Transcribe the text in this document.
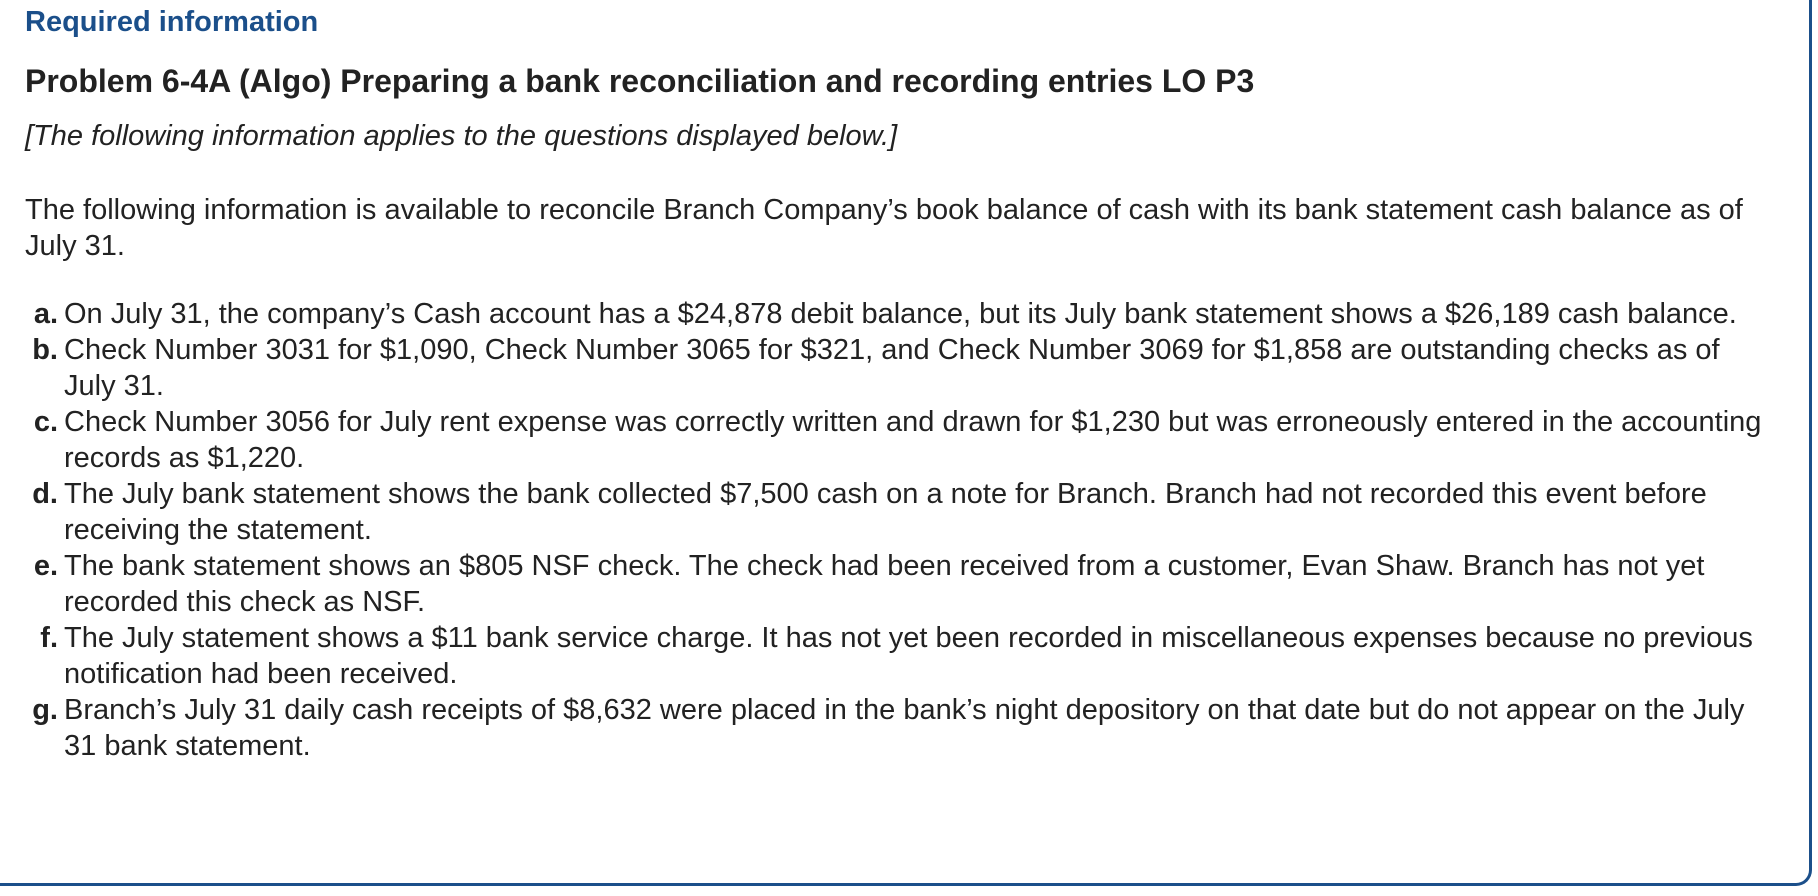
Required information
Problem 6-4A (Algo) Preparing a bank reconciliation and recording entries LO P3
[The following information applies to the questions displayed below.]
The following information is available to reconcile Branch Company’s book balance of cash with its bank statement cash balance as of July 31.
a. On July 31, the company’s Cash account has a $24,878 debit balance, but its July bank statement shows a $26,189 cash balance.
b. Check Number 3031 for $1,090, Check Number 3065 for $321, and Check Number 3069 for $1,858 are outstanding checks as of July 31.
c. Check Number 3056 for July rent expense was correctly written and drawn for $1,230 but was erroneously entered in the accounting records as $1,220.
d. The July bank statement shows the bank collected $7,500 cash on a note for Branch. Branch had not recorded this event before receiving the statement.
e. The bank statement shows an $805 NSF check. The check had been received from a customer, Evan Shaw. Branch has not yet recorded this check as NSF.
f. The July statement shows a $11 bank service charge. It has not yet been recorded in miscellaneous expenses because no previous notification had been received.
g. Branch’s July 31 daily cash receipts of $8,632 were placed in the bank’s night depository on that date but do not appear on the July 31 bank statement.
